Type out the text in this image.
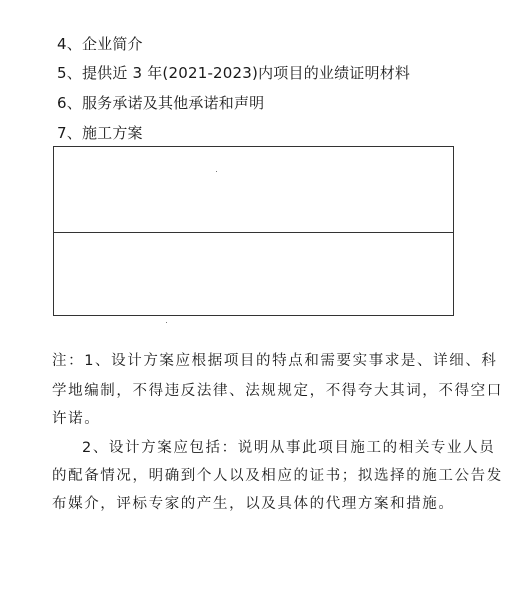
4、企业简介
5、提供近 3 年(2021-2023)内项目的业绩证明材料
6、服务承诺及其他承诺和声明
7、施工方案
注：1、设计方案应根据项目的特点和需要实事求是、详细、科
学地编制，不得违反法律、法规规定，不得夸大其词，不得空口
许诺。
2、设计方案应包括：说明从事此项目施工的相关专业人员
的配备情况，明确到个人以及相应的证书；拟选择的施工公告发
布媒介，评标专家的产生，以及具体的代理方案和措施。
